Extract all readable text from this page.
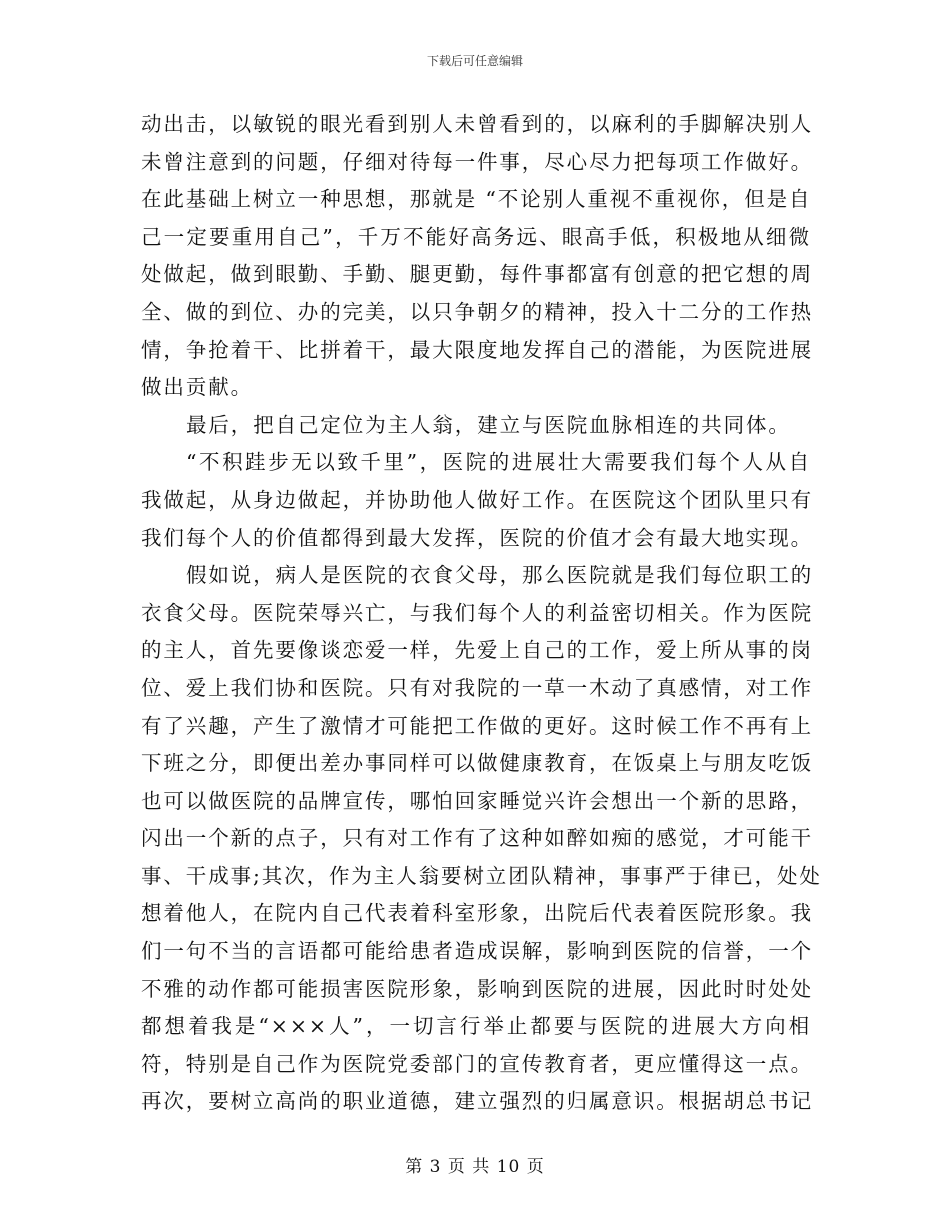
下载后可任意编辑

动出击，以敏锐的眼光看到别人未曾看到的，以麻利的手脚解决别人

未曾注意到的问题，仔细对待每一件事，尽心尽力把每项工作做好。

在此基础上树立一种思想，那就是 “不论别人重视不重视你，但是自

己一定要重用自己”，千万不能好高务远、眼高手低，积极地从细微

处做起，做到眼勤、手勤、腿更勤，每件事都富有创意的把它想的周

全、做的到位、办的完美，以只争朝夕的精神，投入十二分的工作热

情，争抢着干、比拼着干，最大限度地发挥自己的潜能，为医院进展

做出贡献。

最后，把自己定位为主人翁，建立与医院血脉相连的共同体。

“不积跬步无以致千里”，医院的进展壮大需要我们每个人从自

我做起，从身边做起，并协助他人做好工作。在医院这个团队里只有

我们每个人的价值都得到最大发挥，医院的价值才会有最大地实现。

假如说，病人是医院的衣食父母，那么医院就是我们每位职工的

衣食父母。医院荣辱兴亡，与我们每个人的利益密切相关。作为医院

的主人，首先要像谈恋爱一样，先爱上自己的工作，爱上所从事的岗

位、爱上我们协和医院。只有对我院的一草一木动了真感情，对工作

有了兴趣，产生了激情才可能把工作做的更好。这时候工作不再有上

下班之分，即便出差办事同样可以做健康教育，在饭桌上与朋友吃饭

也可以做医院的品牌宣传，哪怕回家睡觉兴许会想出一个新的思路，

闪出一个新的点子，只有对工作有了这种如醉如痴的感觉，才可能干

事、干成事;其次，作为主人翁要树立团队精神，事事严于律已，处处

想着他人，在院内自己代表着科室形象，出院后代表着医院形象。我

们一句不当的言语都可能给患者造成误解，影响到医院的信誉，一个

不雅的动作都可能损害医院形象，影响到医院的进展，因此时时处处

都想着我是“×××人”，一切言行举止都要与医院的进展大方向相

符，特别是自己作为医院党委部门的宣传教育者，更应懂得这一点。

再次，要树立高尚的职业道德，建立强烈的归属意识。根据胡总书记

第 3 页 共 10 页
